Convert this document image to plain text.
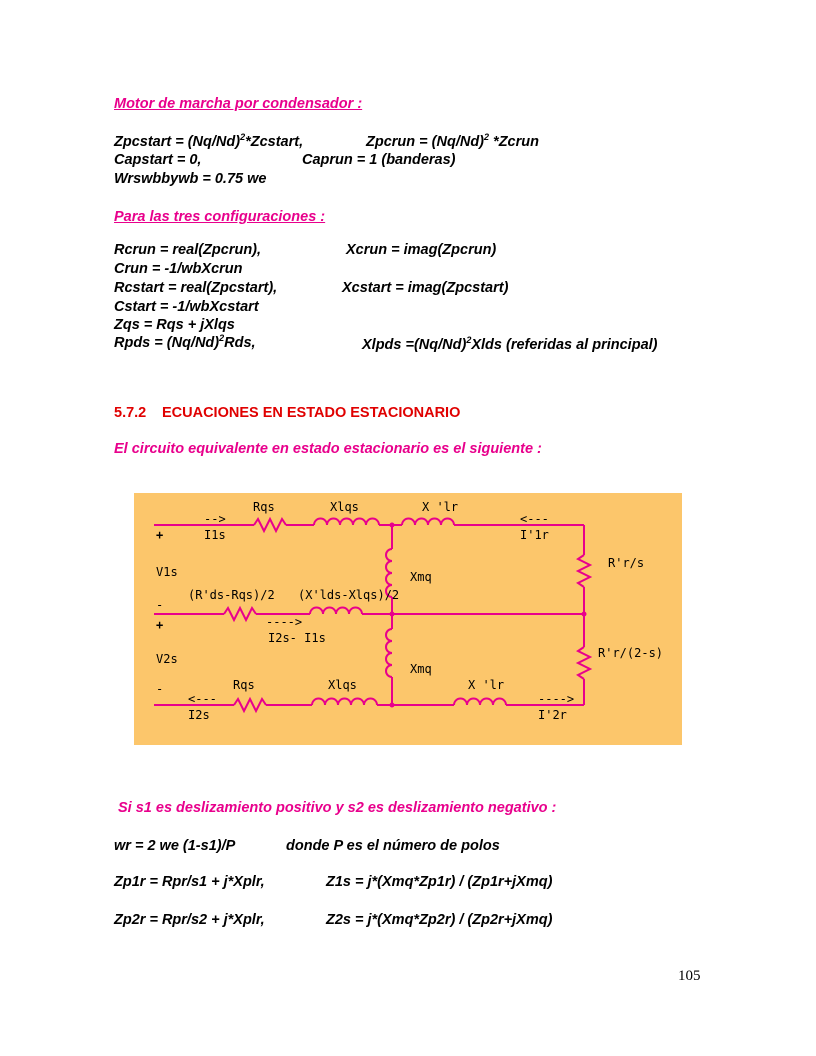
Motor de marcha por condensador :
Zpcstart = $(Nq/Nd)^2*Zcstart$,	Zpcrun = $(Nq/Nd)^2$ *Zcrun
Capstart = 0,	Caprun = 1 (banderas)
Wrswbbywb = 0.75 we
Para las tres configuraciones :
Rcrun = real(Zpcrun),	Xcrun = imag(Zpcrun)
Crun = -1/wbXcrun
Rcstart = real(Zpcstart),	Xcstart = imag(Zpcstart)
Cstart = -1/wbXcstart
Zqs = Rqs + jXlqs
Rpds = $(Nq/Nd)^2Rds$,	Xlpds $=(Nq/Nd)^2Xlds$ (referidas al principal)
5.7.2 ECUACIONES EN ESTADO ESTACIONARIO
El circuito equivalente en estado estacionario es el siguiente :
Rqs	Xlqs	X 'lr
-->
I1s
<---
I'1r
+
V1s
-
Xmq
R'r/s
(R'ds-Rqs)/2 (X'lds-Xlqs)/2
+	---->
I2s- I1s
V2s
Xmq
R'r/(2-s)
-	Rqs	Xlqs	X 'lr
<---
I2s
---->
I'2r
Si s1 es deslizamiento positivo y s2 es deslizamiento negativo :
wr = 2 we (1-s1)/P	donde P es el número de polos
Zp1r = Rpr/s1 + j*Xplr,	Z1s = j*(Xmq*Zp1r) / (Zp1r+jXmq)
Zp2r = Rpr/s2 + j*Xplr,	Z2s = j*(Xmq*Zp2r) / (Zp2r+jXmq)
105
